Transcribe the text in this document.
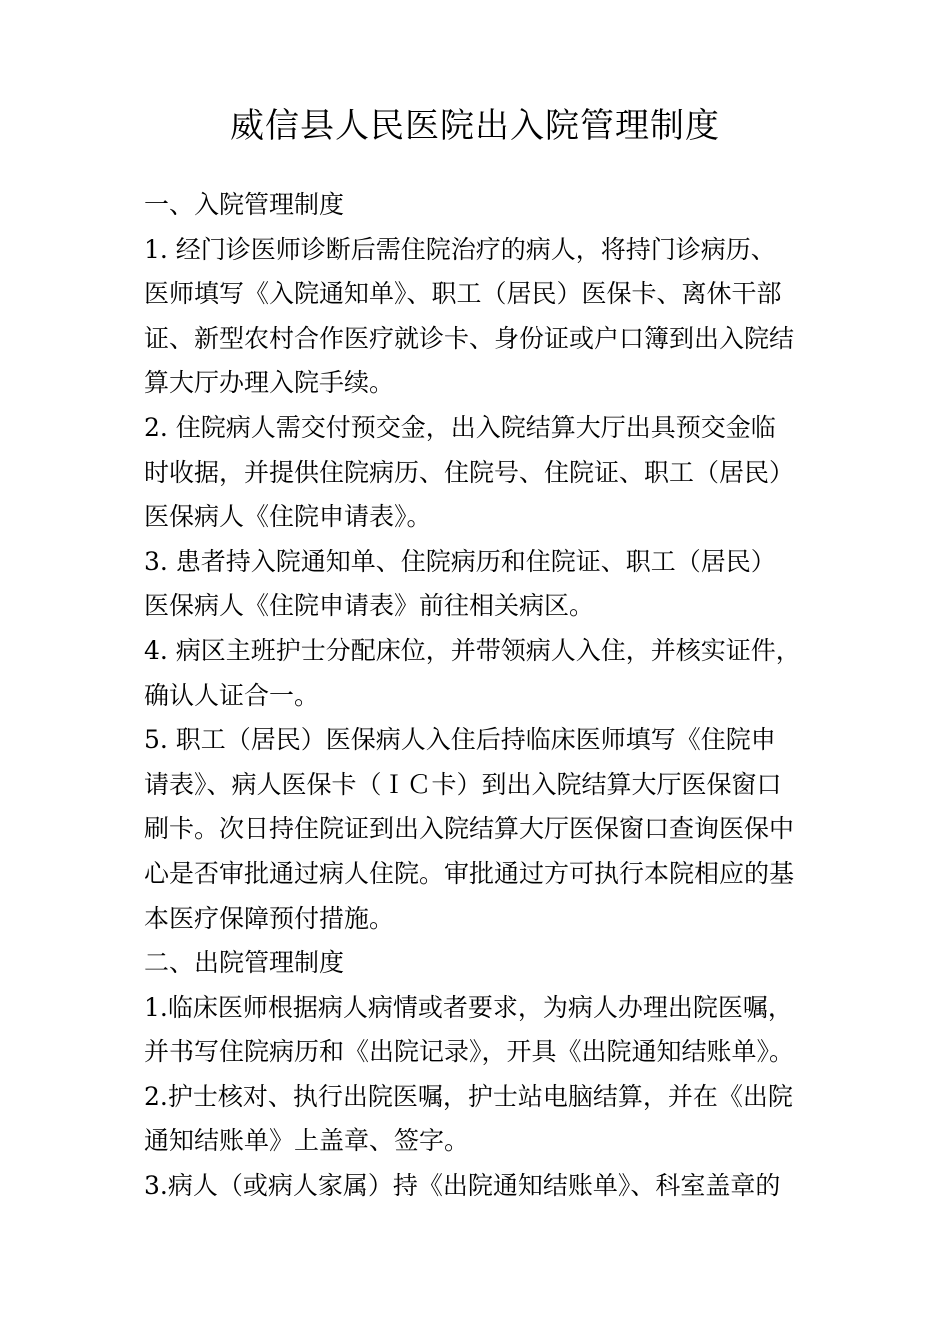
威信县人民医院出入院管理制度
一、入院管理制度
1. 经门诊医师诊断后需住院治疗的病人，将持门诊病历、
医师填写《入院通知单》、职工（居民）医保卡、离休干部
证、新型农村合作医疗就诊卡、身份证或户口簿到出入院结
算大厅办理入院手续。
2. 住院病人需交付预交金，出入院结算大厅出具预交金临
时收据，并提供住院病历、住院号、住院证、职工（居民）
医保病人《住院申请表》。
3. 患者持入院通知单、住院病历和住院证、职工（居民）
医保病人《住院申请表》前往相关病区。
4. 病区主班护士分配床位，并带领病人入住，并核实证件，
确认人证合一。
5. 职工（居民）医保病人入住后持临床医师填写《住院申
请表》、病人医保卡（ＩＣ卡）到出入院结算大厅医保窗口
刷卡。次日持住院证到出入院结算大厅医保窗口查询医保中
心是否审批通过病人住院。审批通过方可执行本院相应的基
本医疗保障预付措施。
二、出院管理制度
1.临床医师根据病人病情或者要求，为病人办理出院医嘱，
并书写住院病历和《出院记录》，开具《出院通知结账单》。
2.护士核对、执行出院医嘱，护士站电脑结算，并在《出院
通知结账单》上盖章、签字。
3.病人（或病人家属）持《出院通知结账单》、科室盖章的
